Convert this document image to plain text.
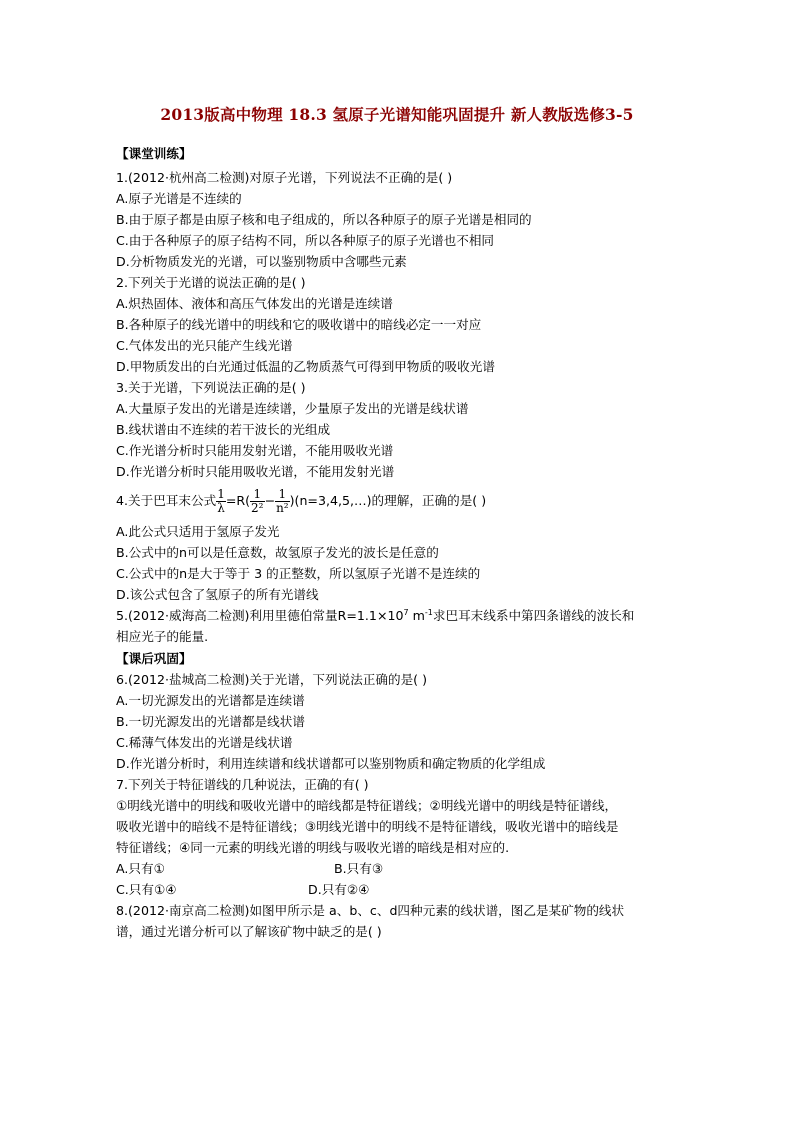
2013版高中物理 18.3 氢原子光谱知能巩固提升 新人教版选修3-5
【课堂训练】
1.(2012·杭州高二检测)对原子光谱，下列说法不正确的是( )
A.原子光谱是不连续的
B.由于原子都是由原子核和电子组成的，所以各种原子的原子光谱是相同的
C.由于各种原子的原子结构不同，所以各种原子的原子光谱也不相同
D.分析物质发光的光谱，可以鉴别物质中含哪些元素
2.下列关于光谱的说法正确的是( )
A.炽热固体、液体和高压气体发出的光谱是连续谱
B.各种原子的线光谱中的明线和它的吸收谱中的暗线必定一一对应
C.气体发出的光只能产生线光谱
D.甲物质发出的白光通过低温的乙物质蒸气可得到甲物质的吸收光谱
3.关于光谱，下列说法正确的是( )
A.大量原子发出的光谱是连续谱，少量原子发出的光谱是线状谱
B.线状谱由不连续的若干波长的光组成
C.作光谱分析时只能用发射光谱，不能用吸收光谱
D.作光谱分析时只能用吸收光谱，不能用发射光谱
4.关于巴耳末公式 $\frac{1}{\lambda} =R( \frac{1}{\text{2²}} - \frac{1}{\text{n²}}$ )(n=3,4,5,…)的理解，正确的是( )
A.此公式只适用于氢原子发光
B.公式中的n可以是任意数，故氢原子发光的波长是任意的
C.公式中的n是大于等于 3 的正整数，所以氢原子光谱不是连续的
D.该公式包含了氢原子的所有光谱线
5.(2012·威海高二检测)利用里德伯常量$R=1.1\times 10^7$ $m^{-1}$求巴耳末线系中第四条谱线的波长和
相应光子的能量.
【课后巩固】
6.(2012·盐城高二检测)关于光谱，下列说法正确的是( )
A.一切光源发出的光谱都是连续谱
B.一切光源发出的光谱都是线状谱
C.稀薄气体发出的光谱是线状谱
D.作光谱分析时，利用连续谱和线状谱都可以鉴别物质和确定物质的化学组成
7.下列关于特征谱线的几种说法，正确的有( )
①明线光谱中的明线和吸收光谱中的暗线都是特征谱线；②明线光谱中的明线是特征谱线，
吸收光谱中的暗线不是特征谱线；③明线光谱中的明线不是特征谱线，吸收光谱中的暗线是
特征谱线；④同一元素的明线光谱的明线与吸收光谱的暗线是相对应的.
A.只有①	B.只有③
C.只有①④	D.只有②④
8.(2012·南京高二检测)如图甲所示是 a、b、c、d四种元素的线状谱，图乙是某矿物的线状
谱，通过光谱分析可以了解该矿物中缺乏的是( )
